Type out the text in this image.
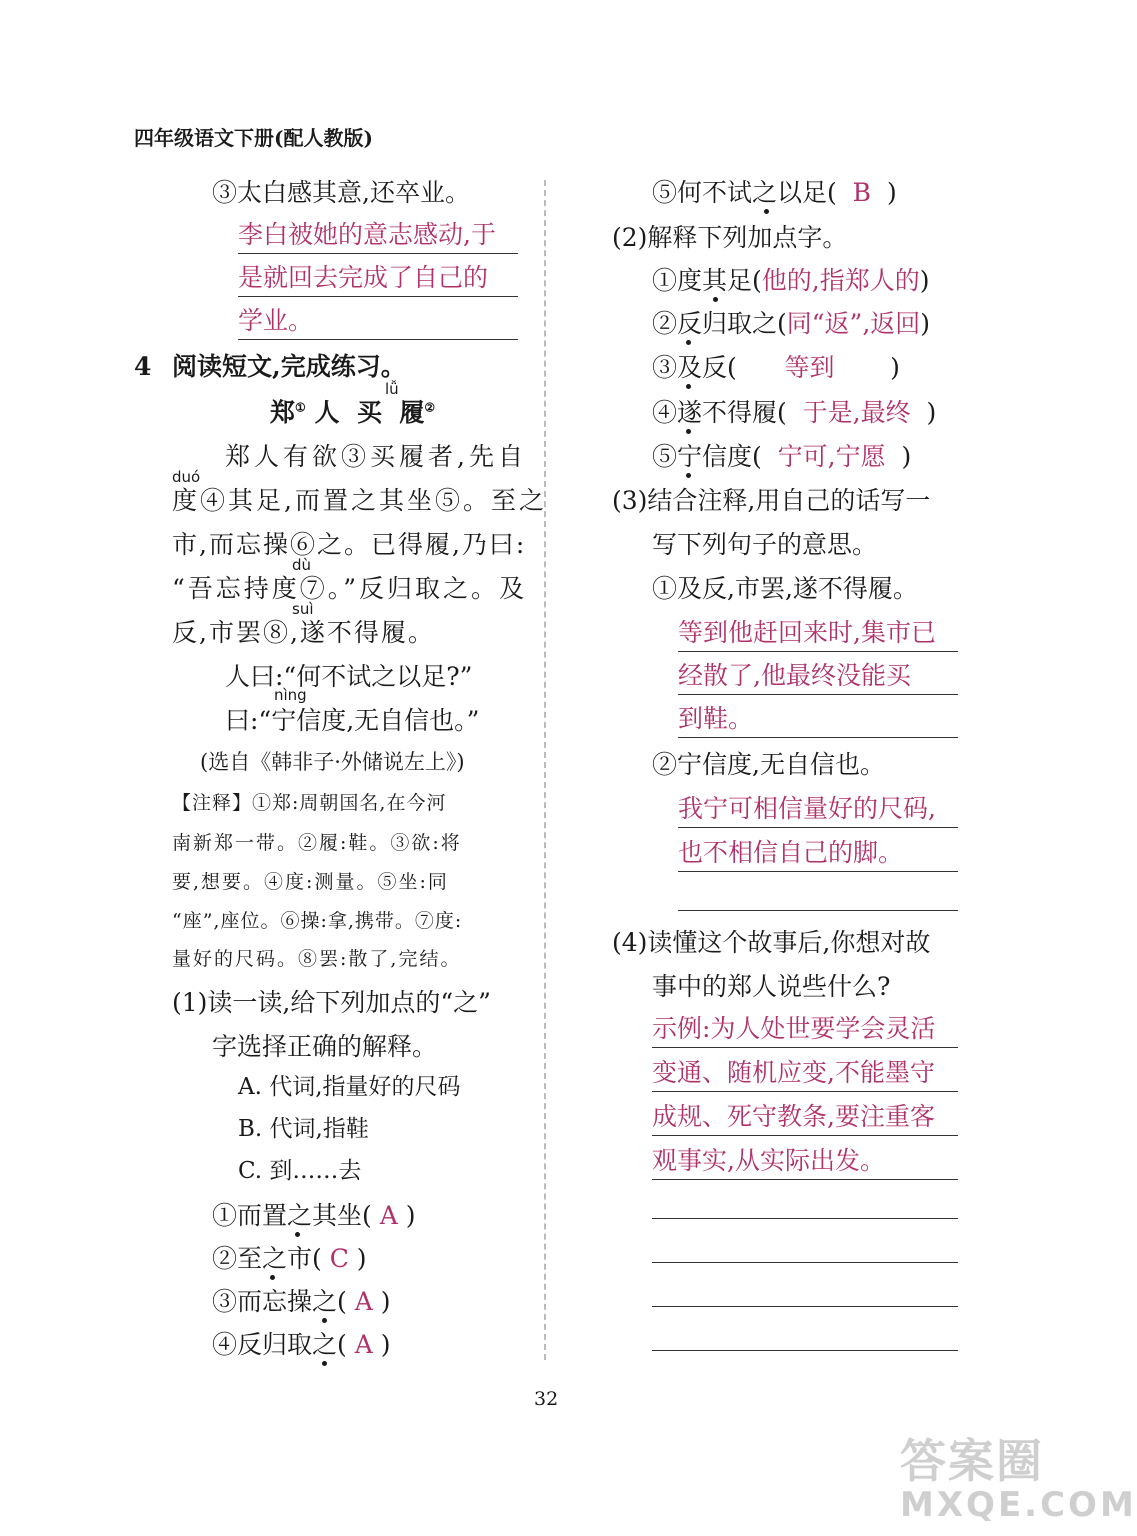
四年级语文下册(配人教版)
③太白感其意,还卒业。
李白被她的意志感动,于
是就回去完成了自己的
学业。
4 阅读短文,完成练习。
lǚ
郑① 人 买 履②
郑人有欲③买履者,先自
duó
度④其足,而置之其坐⑤。至之
市,而忘操⑥之。已得履,乃曰:
dù
“吾忘持度⑦。”反归取之。及
suì
反,市罢⑧,遂不得履。
人曰:“何不试之以足?”
nìng
曰:“宁信度,无自信也。”
(选自《韩非子·外储说左上》)
【注释】①郑:周朝国名,在今河
南新郑一带。②履:鞋。③欲:将
要,想要。④度:测量。⑤坐:同
“座”,座位。⑥操:拿,携带。⑦度:
量好的尺码。⑧罢:散了,完结。
(1)读一读,给下列加点的“之”
字选择正确的解释。
A. 代词,指量好的尺码
B. 代词,指鞋
C. 到……去
①而置之其坐( A )
②至之市( C )
③而忘操之( A )
④反归取之( A )
⑤何不试之以足(  B  )
(2)解释下列加点字。
①度其足(他的,指郑人的)
②反归取之(同“返”,返回)
③及反(      等到       )
④遂不得履(  于是,最终  )
⑤宁信度(  宁可,宁愿  )
(3)结合注释,用自己的话写一
写下列句子的意思。
①及反,市罢,遂不得履。
等到他赶回来时,集市已
经散了,他最终没能买
到鞋。
②宁信度,无自信也。
我宁可相信量好的尺码,
也不相信自己的脚。
(4)读懂这个故事后,你想对故
事中的郑人说些什么?
示例:为人处世要学会灵活
变通、随机应变,不能墨守
成规、死守教条,要注重客
观事实,从实际出发。
32
答案圈
MXQE.COM
